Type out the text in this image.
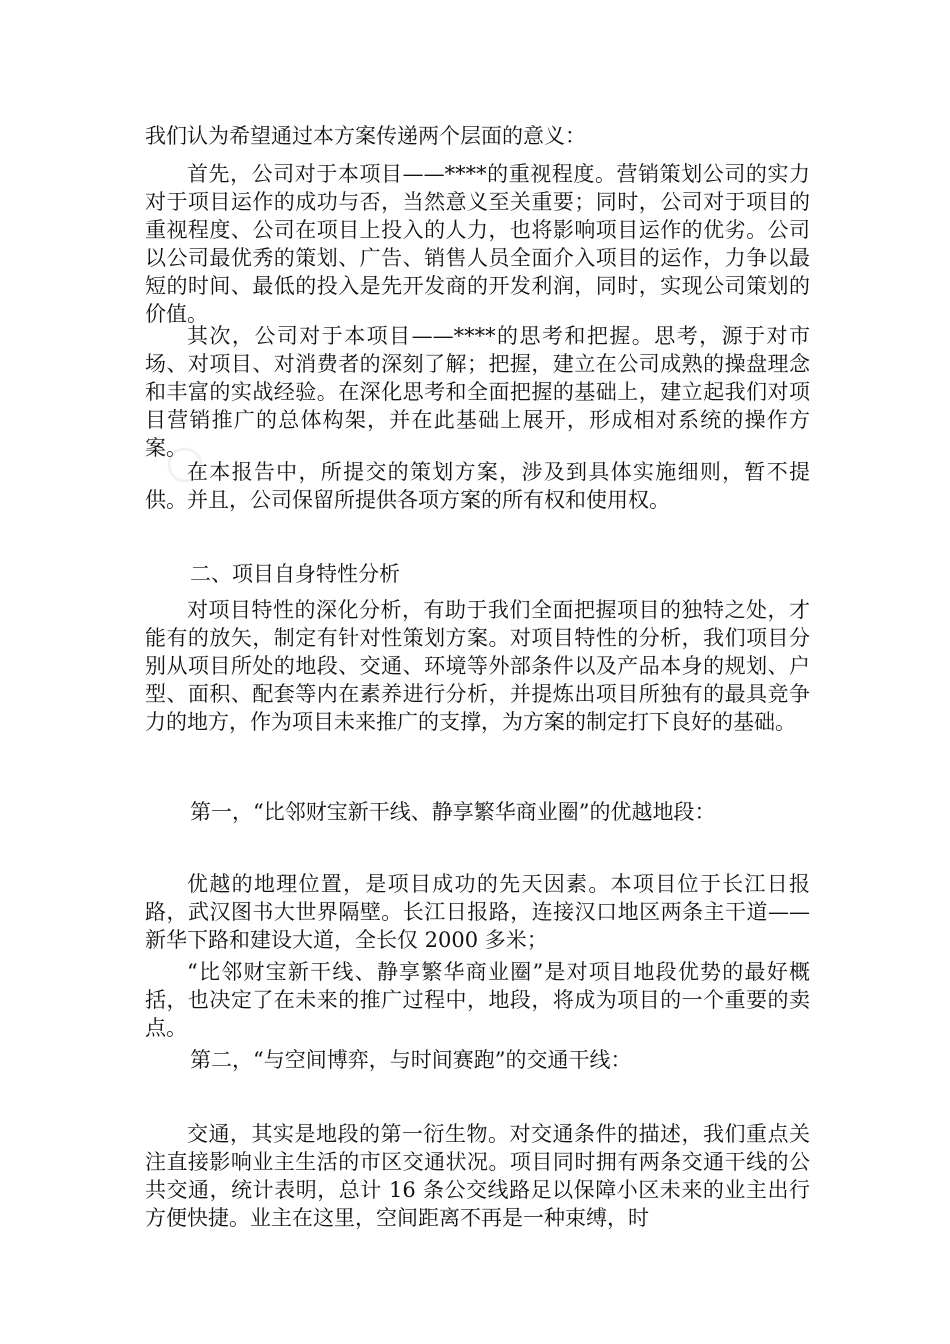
我们认为希望通过本方案传递两个层面的意义：

首先，公司对于本项目——****的重视程度。营销策划公司的实力对于项目运作的成功与否，当然意义至关重要；同时，公司对于项目的重视程度、公司在项目上投入的人力，也将影响项目运作的优劣。公司以公司最优秀的策划、广告、销售人员全面介入项目的运作，力争以最短的时间、最低的投入是先开发商的开发利润，同时，实现公司策划的价值。

其次，公司对于本项目——****的思考和把握。思考，源于对市场、对项目、对消费者的深刻了解；把握，建立在公司成熟的操盘理念和丰富的实战经验。在深化思考和全面把握的基础上，建立起我们对项目营销推广的总体构架，并在此基础上展开，形成相对系统的操作方案。

在本报告中，所提交的策划方案，涉及到具体实施细则，暂不提供。并且，公司保留所提供各项方案的所有权和使用权。

二、项目自身特性分析

对项目特性的深化分析，有助于我们全面把握项目的独特之处，才能有的放矢，制定有针对性策划方案。对项目特性的分析，我们项目分别从项目所处的地段、交通、环境等外部条件以及产品本身的规划、户型、面积、配套等内在素养进行分析，并提炼出项目所独有的最具竞争力的地方，作为项目未来推广的支撑，为方案的制定打下良好的基础。

第一，“比邻财宝新干线、静享繁华商业圈”的优越地段：

优越的地理位置，是项目成功的先天因素。本项目位于长江日报路，武汉图书大世界隔壁。长江日报路，连接汉口地区两条主干道——新华下路和建设大道，全长仅 2000 多米；

“比邻财宝新干线、静享繁华商业圈”是对项目地段优势的最好概括，也决定了在未来的推广过程中，地段，将成为项目的一个重要的卖点。

第二，“与空间博弈，与时间赛跑”的交通干线：

交通，其实是地段的第一衍生物。对交通条件的描述，我们重点关注直接影响业主生活的市区交通状况。项目同时拥有两条交通干线的公共交通，统计表明，总计 16 条公交线路足以保障小区未来的业主出行方便快捷。业主在这里，空间距离不再是一种束缚，时
